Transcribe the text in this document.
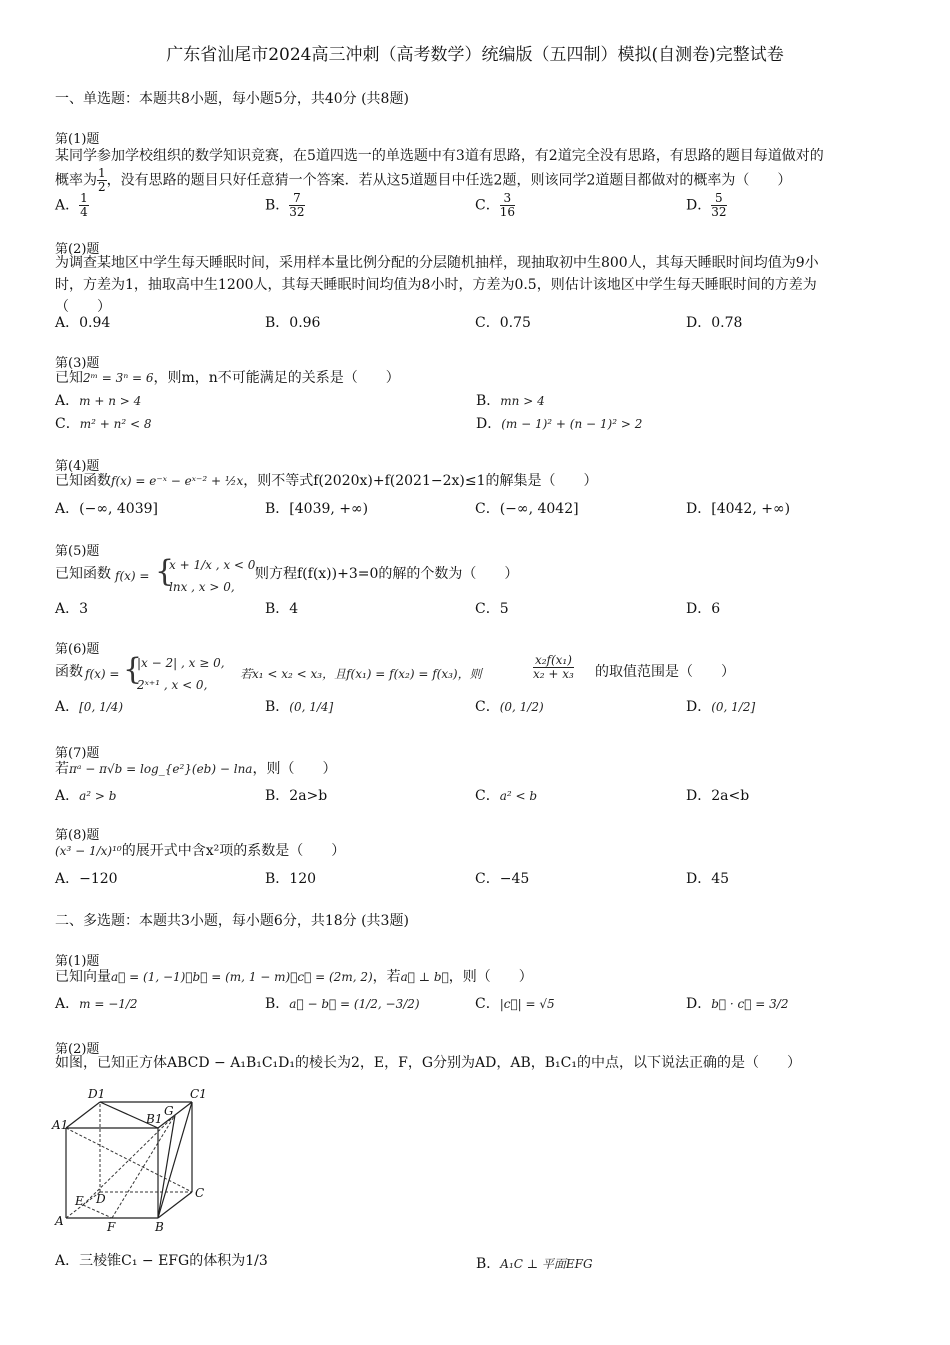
广东省汕尾市2024高三冲刺（高考数学）统编版（五四制）模拟(自测卷)完整试卷
一、单选题：本题共8小题，每小题5分，共40分 (共8题)
第(1)题
某同学参加学校组织的数学知识竞赛，在5道四选一的单选题中有3道有思路，有2道完全没有思路，有思路的题目每道做对的
概率为 $\frac{1}{2}$ ，没有思路的题目只好任意猜一个答案．若从这5道题目中任选2题，则该同学2道题目都做对的概率为（　　）
A． $\frac{1}{4}$	B． $\frac{7}{32}$	C． $\frac{3}{16}$	D． $\frac{5}{32}$
第(2)题
为调查某地区中学生每天睡眠时间，采用样本量比例分配的分层随机抽样，现抽取初中生800人，其每天睡眠时间均值为9小
时，方差为1，抽取高中生1200人，其每天睡眠时间均值为8小时，方差为0.5，则估计该地区中学生每天睡眠时间的方差为
（　　）
A．0.94	B．0.96	C．0.75	D．0.78
第(3)题
已知2ᵐ = 3ⁿ = 6，则m，n不可能满足的关系是（　　）
A．m + n > 4	B．mn > 4
C．m² + n² < 8	D．(m − 1)² + (n − 1)² > 2
第(4)题
已知函数f(x) = e⁻ˣ − eˣ⁻² + ½x，则不等式f(2020x)+f(2021−2x)≤1的解集是（　　）
A．(−∞, 4039]	B．[4039, +∞)	C．(−∞, 4042]	D．[4042, +∞)
第(5)题
已知函数 f(x) = {
x + 1/x , x < 0,
lnx , x > 0,
则方程f(f(x))+3=0的解的个数为（　　）
A．3	B．4	C．5	D．6
第(6)题
函数 f(x) = {
|x − 2| , x ≥ 0,
2ˣ⁺¹ , x < 0,
若x₁ < x₂ < x₃，且f(x₁) = f(x₂) = f(x₃)，则	$\frac{\text{x₂f(x₁)}}{\text{x₂ + x₃}}$ 的取值范围是（　　）
A．[0, 1/4)	B．(0, 1/4]	C．(0, 1/2)	D．(0, 1/2]
第(7)题
若πᵃ − π√b = log_{e²}(eb) − lna，则（　　）
A．a² > b	B．2a>b	C．a² < b	D．2a<b
第(8)题
(x³ − 1/x)¹⁰的展开式中含x²项的系数是（　　）
A．−120	B．120	C．−45	D．45
二、多选题：本题共3小题，每小题6分，共18分 (共3题)
第(1)题
已知向量a⃗ = (1, −1)，b⃗ = (m, 1 − m)，c⃗ = (2m, 2)，若a⃗ ⊥ b⃗，则（　　）
A．m = −1/2	B．a⃗ − b⃗ = (1/2, −3/2)	C．|c⃗| = √5	D．b⃗ · c⃗ = 3/2
第(2)题
如图，已知正方体ABCD − A₁B₁C₁D₁的棱长为2，E，F，G分别为AD，AB，B₁C₁的中点，以下说法正确的是（　　）
D1	C1
A1	B1
G
E D	C
A	F	B
A．三棱锥C₁ − EFG的体积为1/3	B．A₁C ⊥ 平面EFG
